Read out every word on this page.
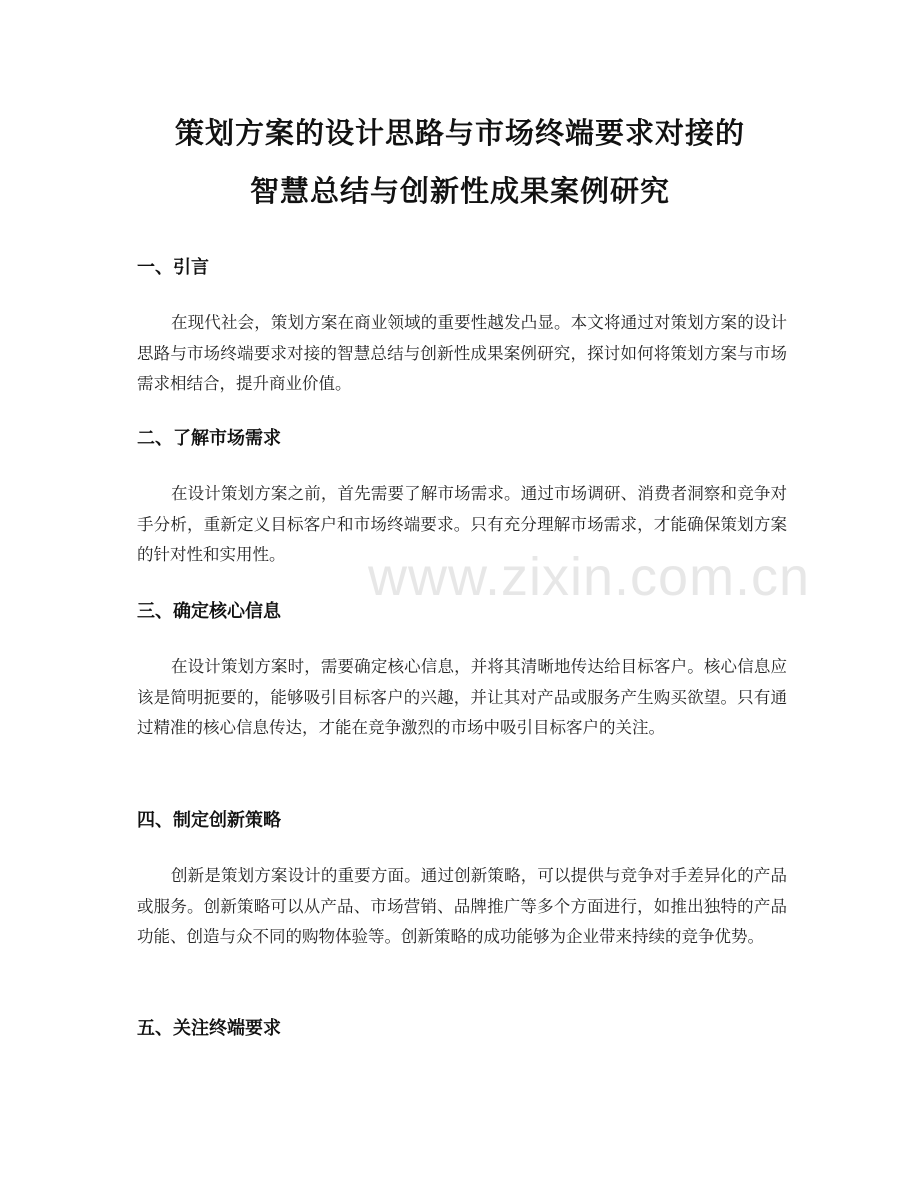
策划方案的设计思路与市场终端要求对接的
智慧总结与创新性成果案例研究
一、引言

在现代社会，策划方案在商业领域的重要性越发凸显。本文将通过对策划方案的设计思路与市场终端要求对接的智慧总结与创新性成果案例研究，探讨如何将策划方案与市场需求相结合，提升商业价值。

二、了解市场需求

在设计策划方案之前，首先需要了解市场需求。通过市场调研、消费者洞察和竞争对手分析，重新定义目标客户和市场终端要求。只有充分理解市场需求，才能确保策划方案的针对性和实用性。

三、确定核心信息

在设计策划方案时，需要确定核心信息，并将其清晰地传达给目标客户。核心信息应该是简明扼要的，能够吸引目标客户的兴趣，并让其对产品或服务产生购买欲望。只有通过精准的核心信息传达，才能在竞争激烈的市场中吸引目标客户的关注。

四、制定创新策略

创新是策划方案设计的重要方面。通过创新策略，可以提供与竞争对手差异化的产品或服务。创新策略可以从产品、市场营销、品牌推广等多个方面进行，如推出独特的产品功能、创造与众不同的购物体验等。创新策略的成功能够为企业带来持续的竞争优势。

五、关注终端要求
www.zixin.com.cn
